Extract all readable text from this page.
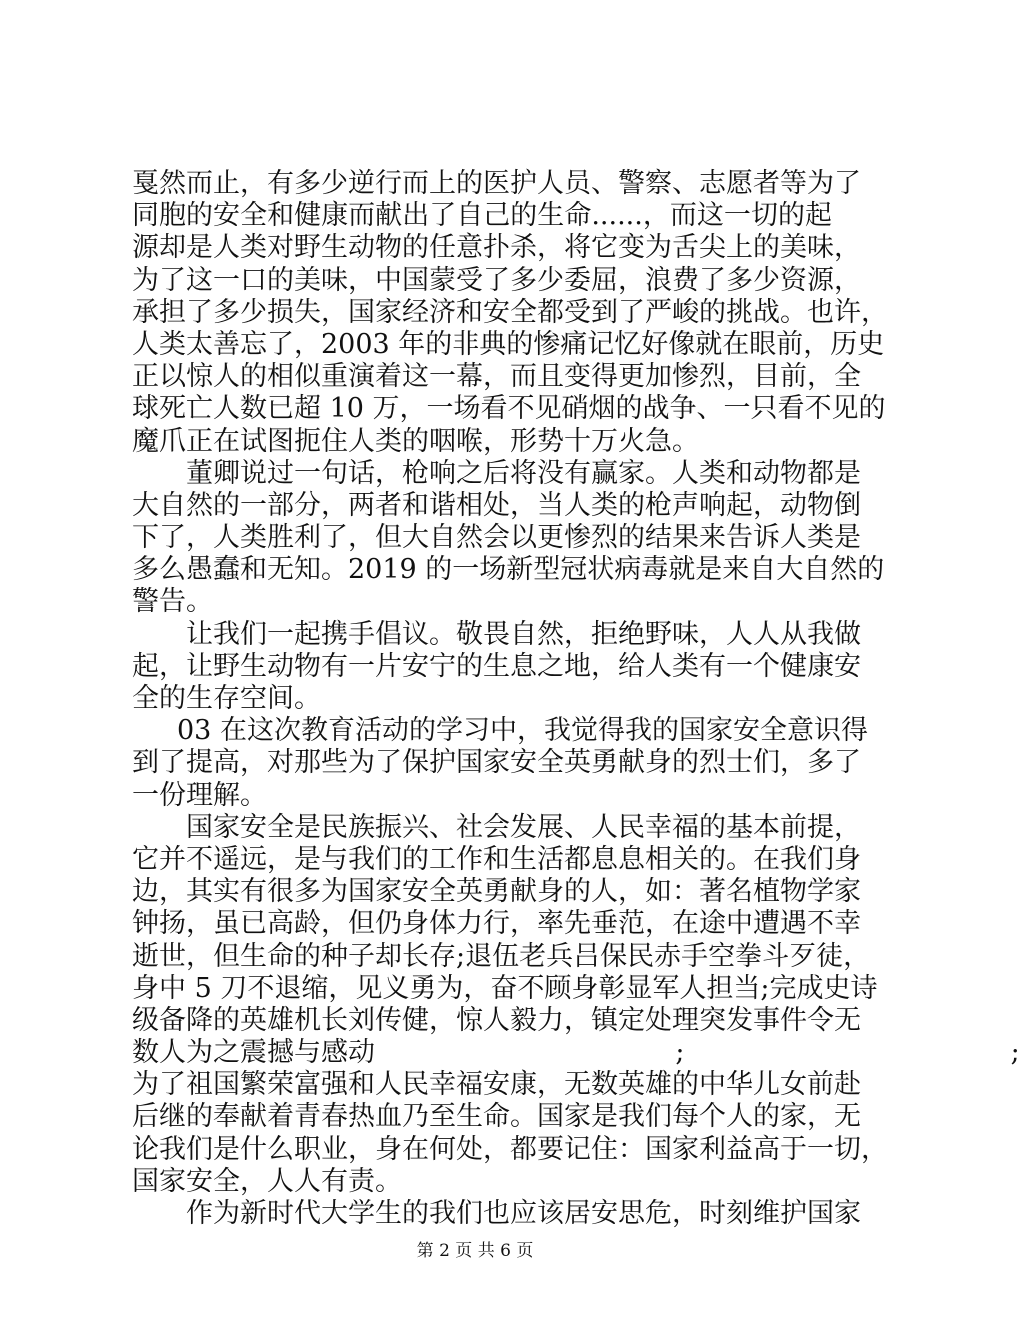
戛然而止，有多少逆行而上的医护人员、警察、志愿者等为了
同胞的安全和健康而献出了自己的生命......，而这一切的起
源却是人类对野生动物的任意扑杀，将它变为舌尖上的美味，
为了这一口的美味，中国蒙受了多少委屈，浪费了多少资源，
承担了多少损失，国家经济和安全都受到了严峻的挑战。也许，
人类太善忘了，2003 年的非典的惨痛记忆好像就在眼前，历史
正以惊人的相似重演着这一幕，而且变得更加惨烈，目前，全
球死亡人数已超 10 万，一场看不见硝烟的战争、一只看不见的
魔爪正在试图扼住人类的咽喉，形势十万火急。
董卿说过一句话，枪响之后将没有赢家。人类和动物都是
大自然的一部分，两者和谐相处，当人类的枪声响起，动物倒
下了，人类胜利了，但大自然会以更惨烈的结果来告诉人类是
多么愚蠢和无知。2019 的一场新型冠状病毒就是来自大自然的
警告。
让我们一起携手倡议。敬畏自然，拒绝野味，人人从我做
起，让野生动物有一片安宁的生息之地，给人类有一个健康安
全的生存空间。
03 在这次教育活动的学习中，我觉得我的国家安全意识得
到了提高，对那些为了保护国家安全英勇献身的烈士们，多了
一份理解。
国家安全是民族振兴、社会发展、人民幸福的基本前提，
它并不遥远，是与我们的工作和生活都息息相关的。在我们身
边，其实有很多为国家安全英勇献身的人，如：著名植物学家
钟扬，虽已高龄，但仍身体力行，率先垂范，在途中遭遇不幸
逝世，但生命的种子却长存;退伍老兵吕保民赤手空拳斗歹徒，
身中 5 刀不退缩，见义勇为，奋不顾身彰显军人担当;完成史诗
级备降的英雄机长刘传健，惊人毅力，镇定处理突发事件令无
数人为之震撼与感动                                   ;                                      ;
为了祖国繁荣富强和人民幸福安康，无数英雄的中华儿女前赴
后继的奉献着青春热血乃至生命。国家是我们每个人的家，无
论我们是什么职业，身在何处，都要记住：国家利益高于一切，
国家安全，人人有责。
作为新时代大学生的我们也应该居安思危，时刻维护国家
第 2 页 共 6 页
